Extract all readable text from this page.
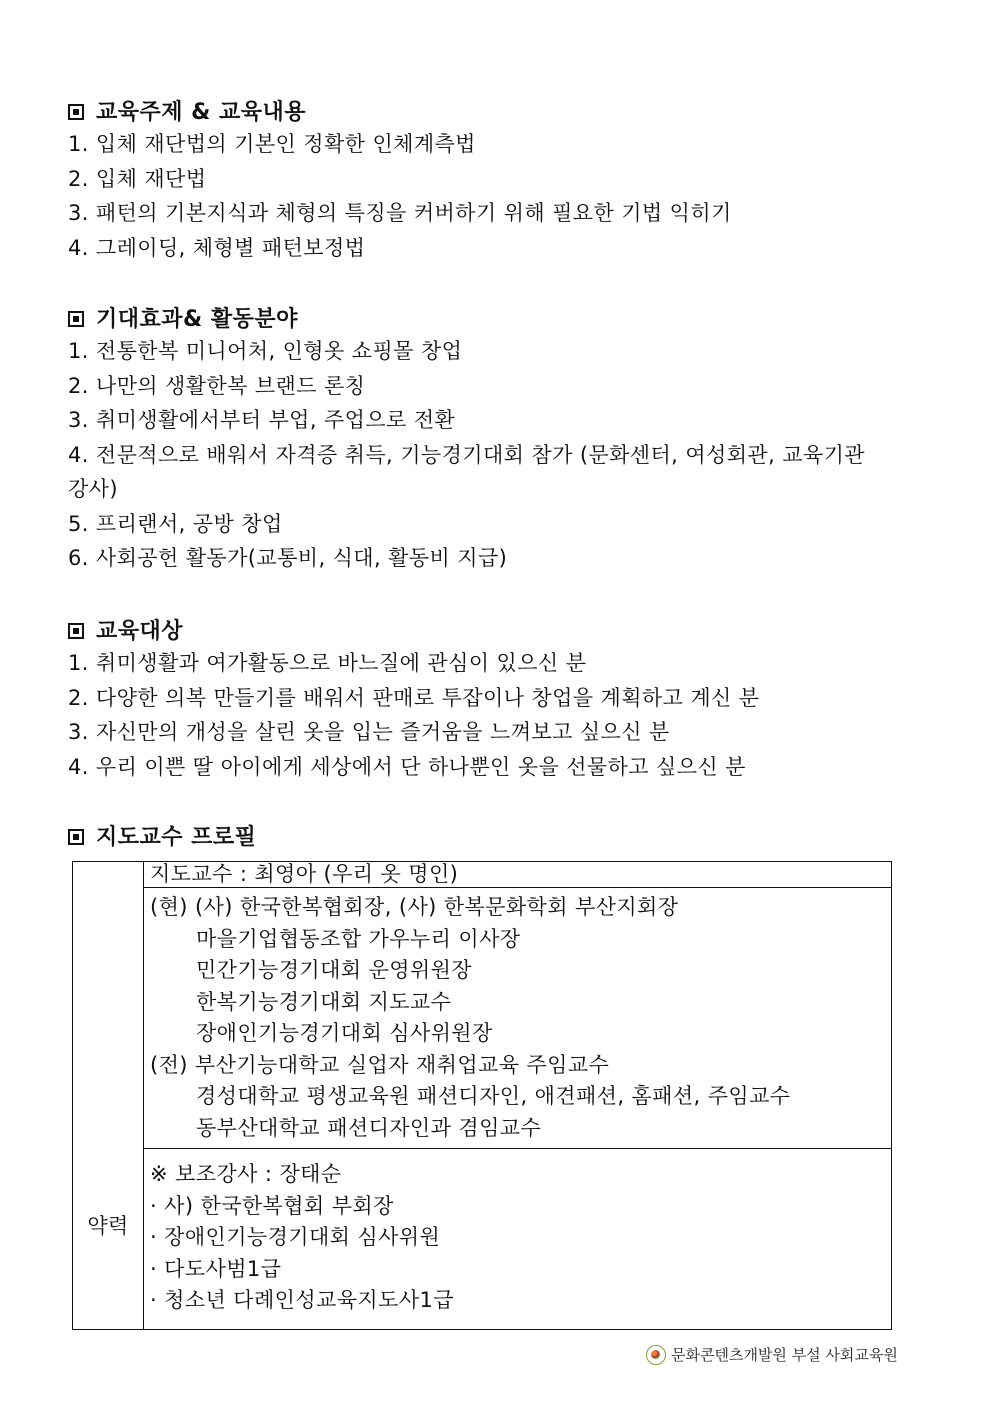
교육주제 & 교육내용
1. 입체 재단법의 기본인 정확한 인체계측법
2. 입체 재단법
3. 패턴의 기본지식과 체형의 특징을 커버하기 위해 필요한 기법 익히기
4. 그레이딩, 체형별 패턴보정법
기대효과& 활동분야
1. 전통한복 미니어처, 인형옷 쇼핑몰 창업
2. 나만의 생활한복 브랜드 론칭
3. 취미생활에서부터 부업, 주업으로 전환
4. 전문적으로 배워서 자격증 취득, 기능경기대회 참가 (문화센터, 여성회관, 교육기관
강사)
5. 프리랜서, 공방 창업
6. 사회공헌 활동가(교통비, 식대, 활동비 지급)
교육대상
1. 취미생활과 여가활동으로 바느질에 관심이 있으신 분
2. 다양한 의복 만들기를 배워서 판매로 투잡이나 창업을 계획하고 계신 분
3. 자신만의 개성을 살린 옷을 입는 즐거움을 느껴보고 싶으신 분
4. 우리 이쁜 딸 아이에게 세상에서 단 하나뿐인 옷을 선물하고 싶으신 분
지도교수 프로필
약력	
지도교수 : 최영아 (우리 옷 명인)

(현) (사) 한국한복협회장, (사) 한복문화학회 부산지회장
마을기업협동조합 가우누리 이사장
민간기능경기대회 운영위원장
한복기능경기대회 지도교수
장애인기능경기대회 심사위원장
(전) 부산기능대학교 실업자 재취업교육 주임교수
경성대학교 평생교육원 패션디자인, 애견패션, 홈패션, 주임교수
동부산대학교 패션디자인과 겸임교수

※ 보조강사 : 장태순
· 사) 한국한복협회 부회장
· 장애인기능경기대회 심사위원
· 다도사범1급
· 청소년 다례인성교육지도사1급
문화콘텐츠개발원 부설 사회교육원
